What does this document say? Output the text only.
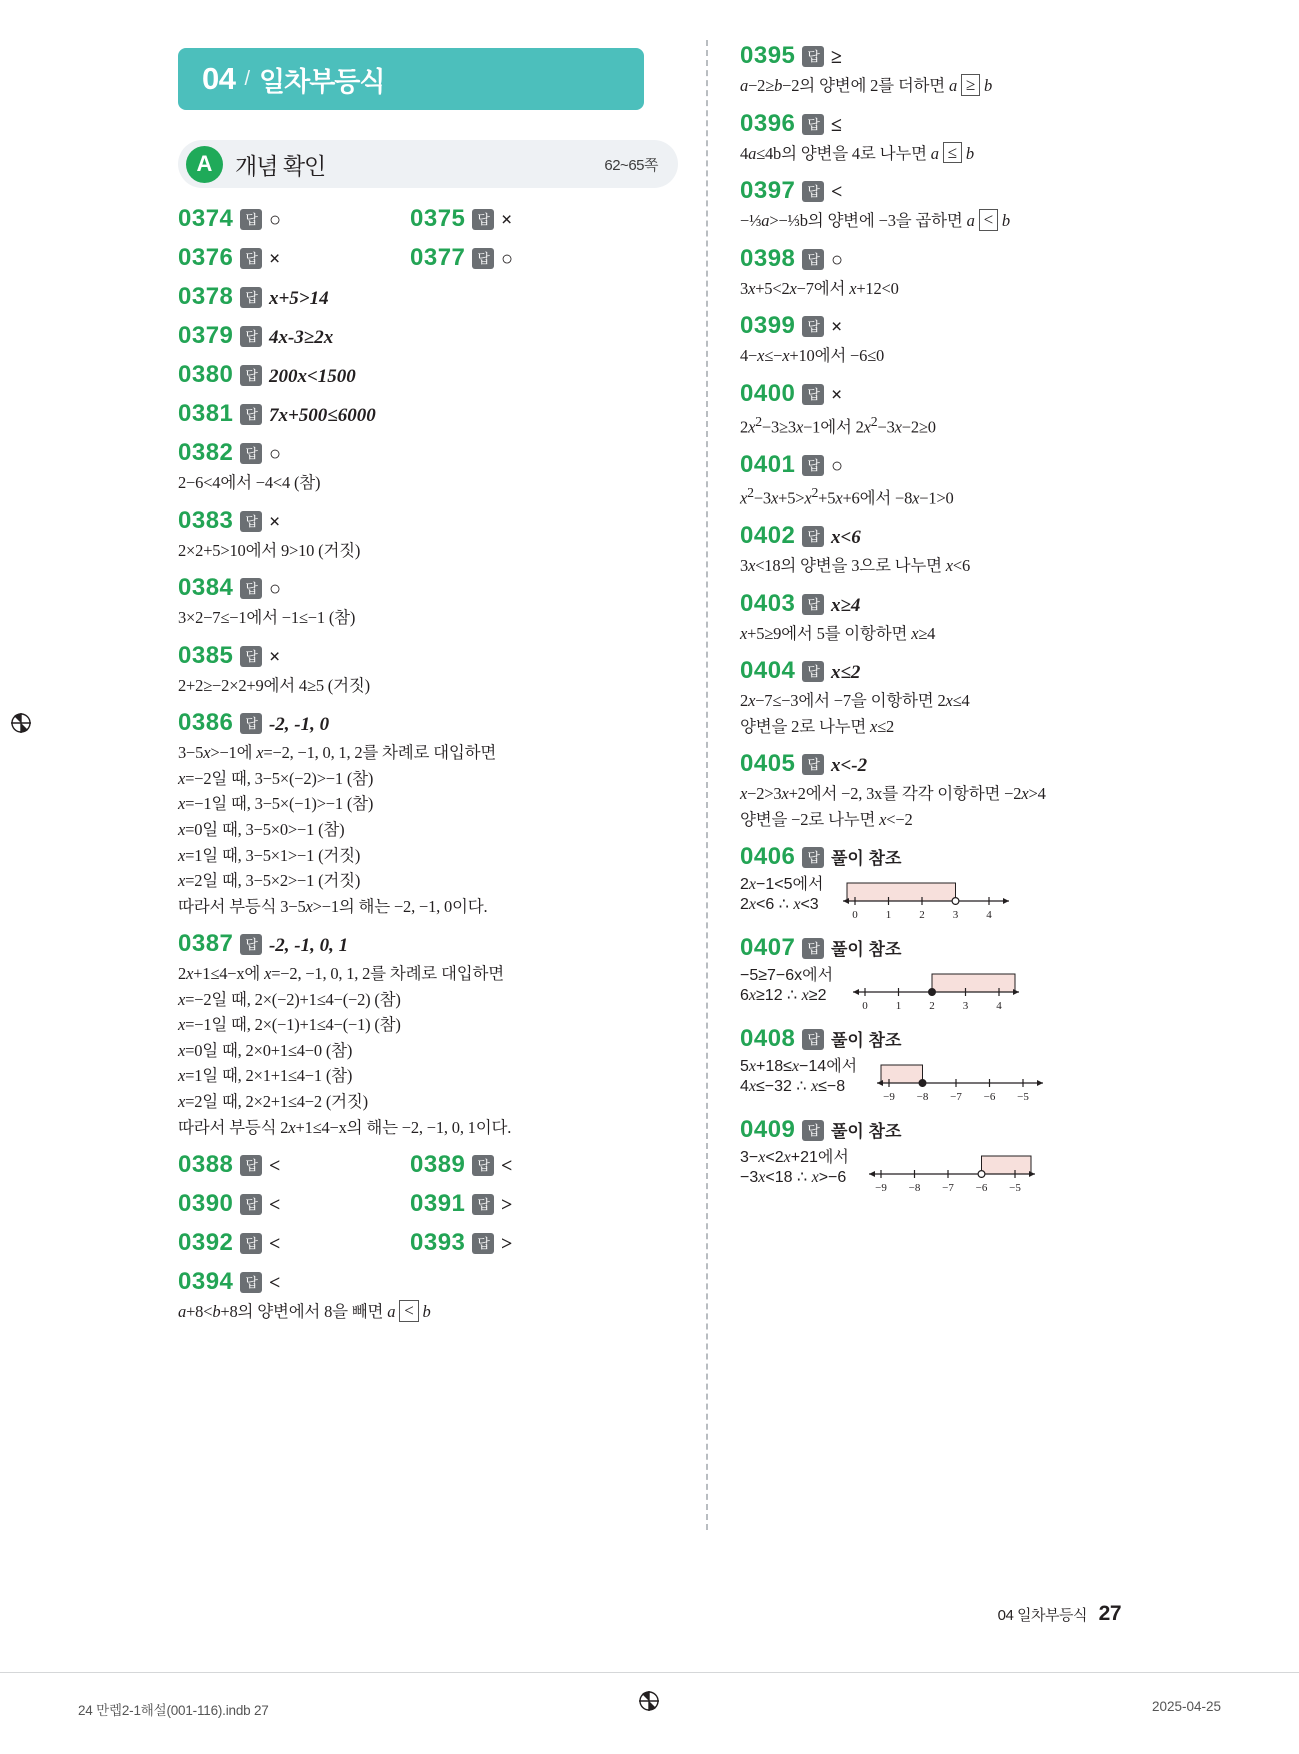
04 / 일차부등식
A 개념 확인	62~65쪽
0374 답 ○	0375 답 ×
0376 답 ×	0377 답 ○
0378 답 x+5>14
0379 답 4x-3≥2x
0380 답 200x<1500
0381 답 7x+500≤6000
0382 답 ○
2−6<4에서 −4<4 (참)
0383 답 ×
2×2+5>10에서 9>10 (거짓)
0384 답 ○
3×2−7≤−1에서 −1≤−1 (참)
0385 답 ×
2+2≥−2×2+9에서 4≥5 (거짓)
0386 답 -2, -1, 0
3−5x>−1에 x=−2, −1, 0, 1, 2를 차례로 대입하면
x=−2일 때, 3−5×(−2)>−1 (참)
x=−1일 때, 3−5×(−1)>−1 (참)
x=0일 때, 3−5×0>−1 (참)
x=1일 때, 3−5×1>−1 (거짓)
x=2일 때, 3−5×2>−1 (거짓)
따라서 부등식 3−5x>−1의 해는 −2, −1, 0이다.
0387 답 -2, -1, 0, 1
2x+1≤4−x에 x=−2, −1, 0, 1, 2를 차례로 대입하면
x=−2일 때, 2×(−2)+1≤4−(−2) (참)
x=−1일 때, 2×(−1)+1≤4−(−1) (참)
x=0일 때, 2×0+1≤4−0 (참)
x=1일 때, 2×1+1≤4−1 (참)
x=2일 때, 2×2+1≤4−2 (거짓)
따라서 부등식 2x+1≤4−x의 해는 −2, −1, 0, 1이다.
0388 답 <	0389 답 <
0390 답 <	0391 답 >
0392 답 <	0393 답 >
0394 답 <
a+8<b+8의 양변에서 8을 빼면 a < b
0395 답 ≥
a−2≥b−2의 양변에 2를 더하면 a ≥ b
0396 답 ≤
4a≤4b의 양변을 4로 나누면 a ≤ b
0397 답 <
−⅓a>−⅓b의 양변에 −3을 곱하면 a < b
0398 답 ○
3x+5<2x−7에서 x+12<0
0399 답 ×
4−x≤−x+10에서 −6≤0
0400 답 ×
$2x^2-3\ge 3x-1$에서 $2x^2-3x-2\ge 0$
0401 답 ○
$x^2-3x+5>x^2+5x+6$에서 −8x−1>0
0402 답 x<6
3x<18의 양변을 3으로 나누면 x<6
0403 답 x≥4
x+5≥9에서 5를 이항하면 x≥4
0404 답 x≤2
2x−7≤−3에서 −7을 이항하면 2x≤4
양변을 2로 나누면 x≤2
0405 답 x<-2
x−2>3x+2에서 −2, 3x를 각각 이항하면 −2x>4
양변을 −2로 나누면 x<−2
0406 답 풀이 참조
2x−1<5에서
2x<6 ∴ x<3
0	1	2	3	4
0407 답 풀이 참조
−5≥7−6x에서
6x≥12 ∴ x≥2
0	1	2	3	4
0408 답 풀이 참조
5x+18≤x−14에서
4x≤−32 ∴ x≤−8
−9 −8 −7 −6 −5
0409 답 풀이 참조
3−x<2x+21에서
−3x<18 ∴ x>−6
−9 −8 −7 −6 −5
04 일차부등식 27
24 만렙2-1해설(001-116).indb 27	2025-04-25
